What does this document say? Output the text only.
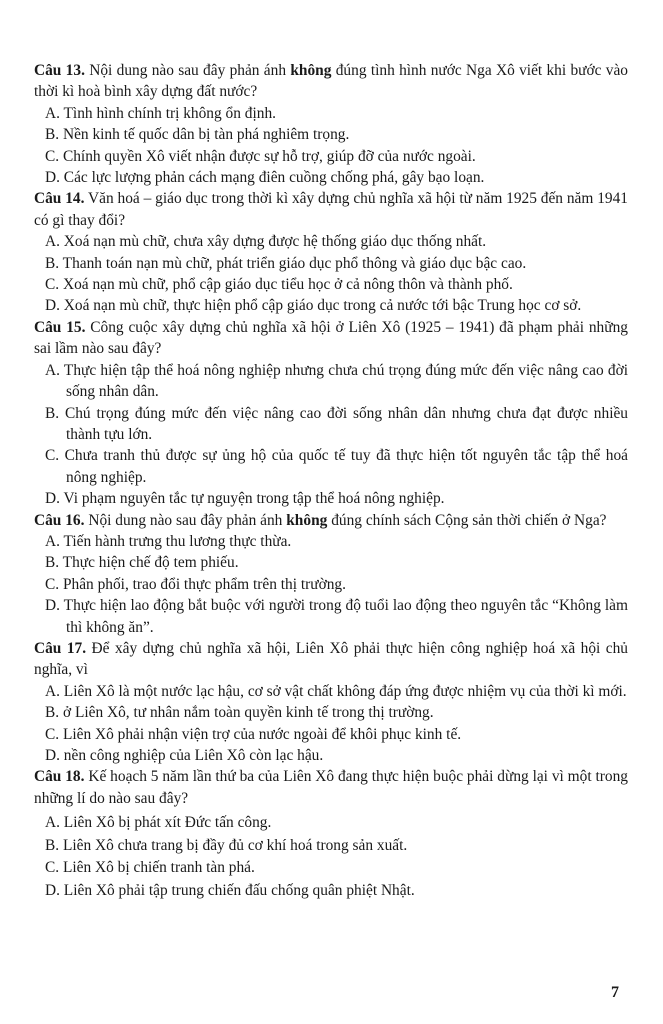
Câu 13. Nội dung nào sau đây phản ánh không đúng tình hình nước Nga Xô viết khi bước vào thời kì hoà bình xây dựng đất nước?

A. Tình hình chính trị không ổn định.
B. Nền kinh tế quốc dân bị tàn phá nghiêm trọng.
C. Chính quyền Xô viết nhận được sự hỗ trợ, giúp đỡ của nước ngoài.
D. Các lực lượng phản cách mạng điên cuồng chống phá, gây bạo loạn.

Câu 14. Văn hoá – giáo dục trong thời kì xây dựng chủ nghĩa xã hội từ năm 1925 đến năm 1941 có gì thay đổi?

A. Xoá nạn mù chữ, chưa xây dựng được hệ thống giáo dục thống nhất.
B. Thanh toán nạn mù chữ, phát triển giáo dục phổ thông và giáo dục bậc cao.
C. Xoá nạn mù chữ, phổ cập giáo dục tiểu học ở cả nông thôn và thành phố.
D. Xoá nạn mù chữ, thực hiện phổ cập giáo dục trong cả nước tới bậc Trung học cơ sở.

Câu 15. Công cuộc xây dựng chủ nghĩa xã hội ở Liên Xô (1925 – 1941) đã phạm phải những sai lầm nào sau đây?

A. Thực hiện tập thể hoá nông nghiệp nhưng chưa chú trọng đúng mức đến việc nâng cao đời sống nhân dân.
B. Chú trọng đúng mức đến việc nâng cao đời sống nhân dân nhưng chưa đạt được nhiều thành tựu lớn.
C. Chưa tranh thủ được sự ủng hộ của quốc tế tuy đã thực hiện tốt nguyên tắc tập thể hoá nông nghiệp.
D. Vi phạm nguyên tắc tự nguyện trong tập thể hoá nông nghiệp.

Câu 16. Nội dung nào sau đây phản ánh không đúng chính sách Cộng sản thời chiến ở Nga?

A. Tiến hành trưng thu lương thực thừa.
B. Thực hiện chế độ tem phiếu.
C. Phân phối, trao đổi thực phẩm trên thị trường.
D. Thực hiện lao động bắt buộc với người trong độ tuổi lao động theo nguyên tắc “Không làm thì không ăn”.

Câu 17. Để xây dựng chủ nghĩa xã hội, Liên Xô phải thực hiện công nghiệp hoá xã hội chủ nghĩa, vì

A. Liên Xô là một nước lạc hậu, cơ sở vật chất không đáp ứng được nhiệm vụ của thời kì mới.
B. ở Liên Xô, tư nhân nắm toàn quyền kinh tế trong thị trường.
C. Liên Xô phải nhận viện trợ của nước ngoài để khôi phục kinh tế.
D. nền công nghiệp của Liên Xô còn lạc hậu.

Câu 18. Kế hoạch 5 năm lần thứ ba của Liên Xô đang thực hiện buộc phải dừng lại vì một trong những lí do nào sau đây?

A. Liên Xô bị phát xít Đức tấn công.
B. Liên Xô chưa trang bị đầy đủ cơ khí hoá trong sản xuất.
C. Liên Xô bị chiến tranh tàn phá.
D. Liên Xô phải tập trung chiến đấu chống quân phiệt Nhật.
7
